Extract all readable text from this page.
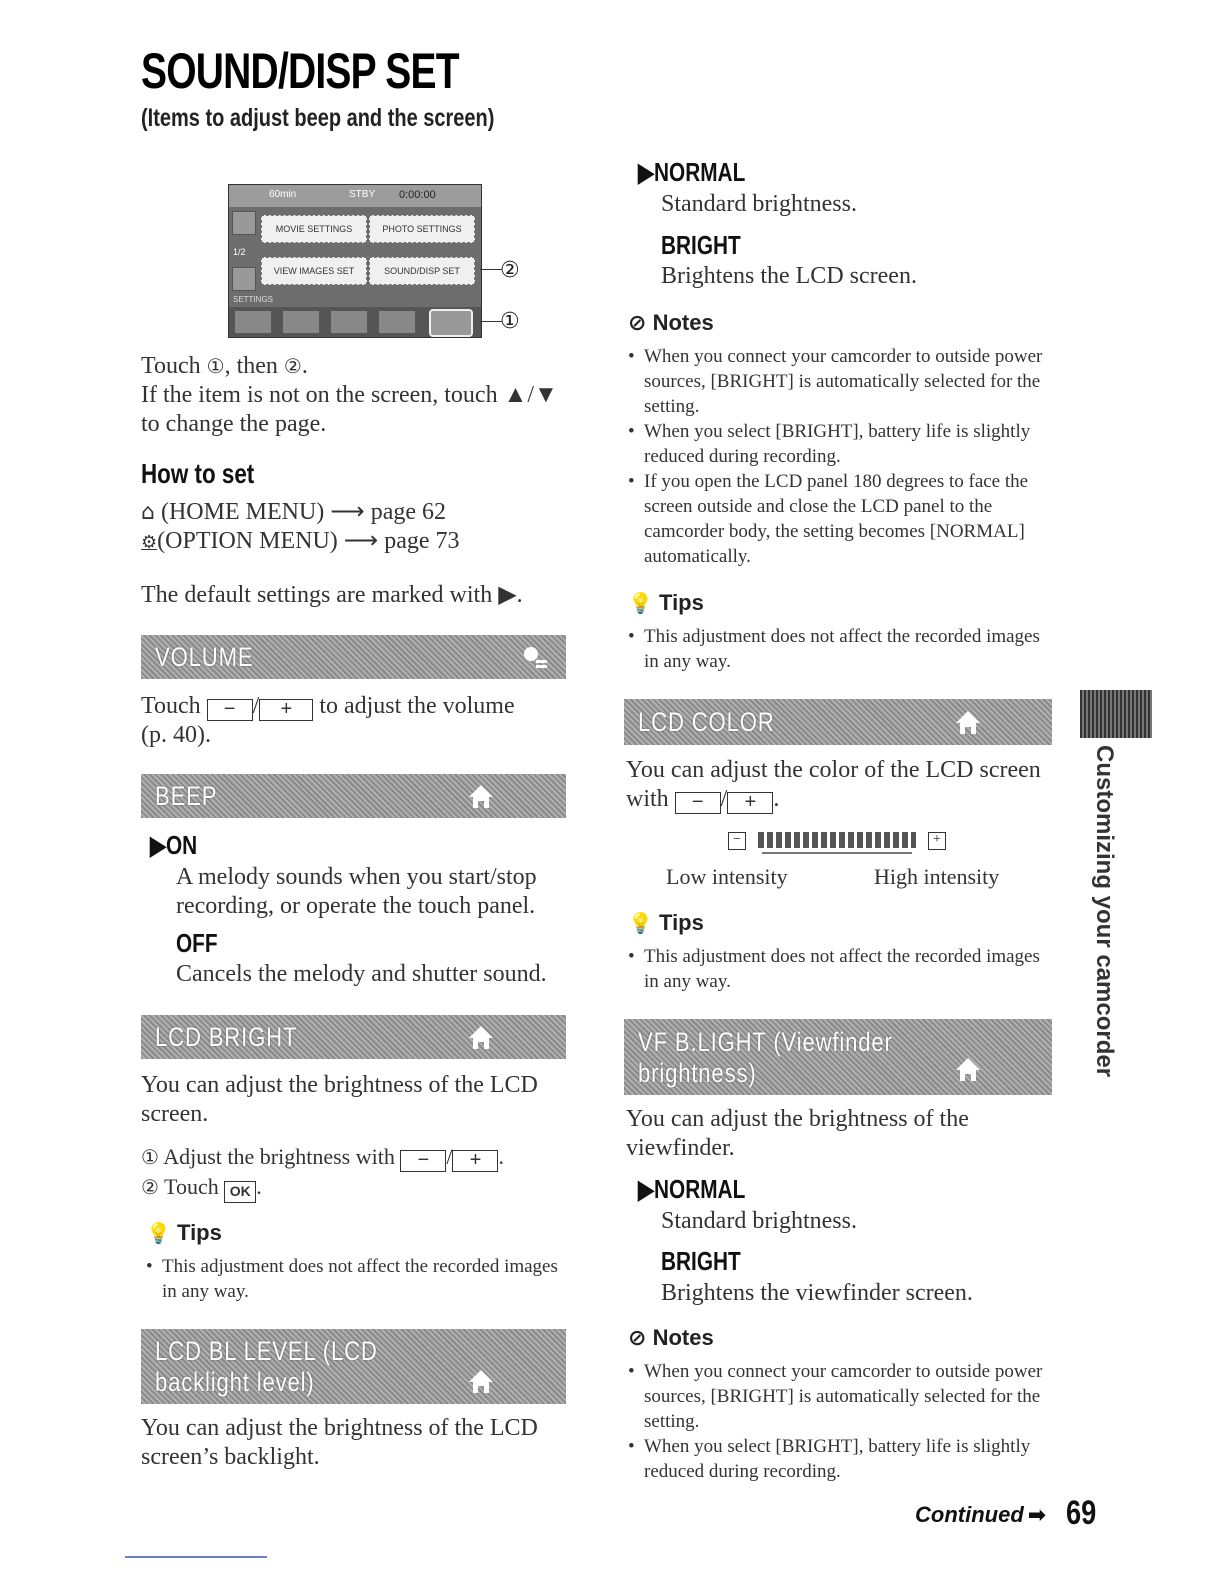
SOUND/DISP SET
(Items to adjust beep and the screen)
60min	STBY 0:00:00
1/2
MOVIE SETTINGS	PHOTO SETTINGS
VIEW IMAGES SET	SOUND/DISP SET
SETTINGS
②
①
Touch ①, then ②.
If the item is not on the screen, touch ▲/▼
to change the page.
How to set
⌂ (HOME MENU) ⟶ page 62
⚙(OPTION MENU) ⟶ page 73
The default settings are marked with ▶.
VOLUME
Touch − / + to adjust the volume
(p. 40).
BEEP
▶ON
A melody sounds when you start/stop
recording, or operate the touch panel.
OFF
Cancels the melody and shutter sound.
LCD BRIGHT
You can adjust the brightness of the LCD
screen.
① Adjust the brightness with − / + .
② Touch OK .
💡 Tips
• This adjustment does not affect the recorded images in any way.
LCD BL LEVEL (LCD
backlight level)
You can adjust the brightness of the LCD
screen’s backlight.
▶NORMAL
Standard brightness.
BRIGHT
Brightens the LCD screen.
⊘ Notes
• When you connect your camcorder to outside power sources, [BRIGHT] is automatically selected for the setting.
• When you select [BRIGHT], battery life is slightly reduced during recording.
• If you open the LCD panel 180 degrees to face the screen outside and close the LCD panel to the camcorder body, the setting becomes [NORMAL] automatically.
💡 Tips
• This adjustment does not affect the recorded images in any way.
LCD COLOR
You can adjust the color of the LCD screen
with − / + .
−	+
Low intensity	High intensity
💡 Tips
• This adjustment does not affect the recorded images in any way.
VF B.LIGHT (Viewfinder
brightness)
You can adjust the brightness of the
viewfinder.
▶NORMAL
Standard brightness.
BRIGHT
Brightens the viewfinder screen.
⊘ Notes
• When you connect your camcorder to outside power sources, [BRIGHT] is automatically selected for the setting.
• When you select [BRIGHT], battery life is slightly reduced during recording.
Customizing your camcorder
Continued ➡ 69
